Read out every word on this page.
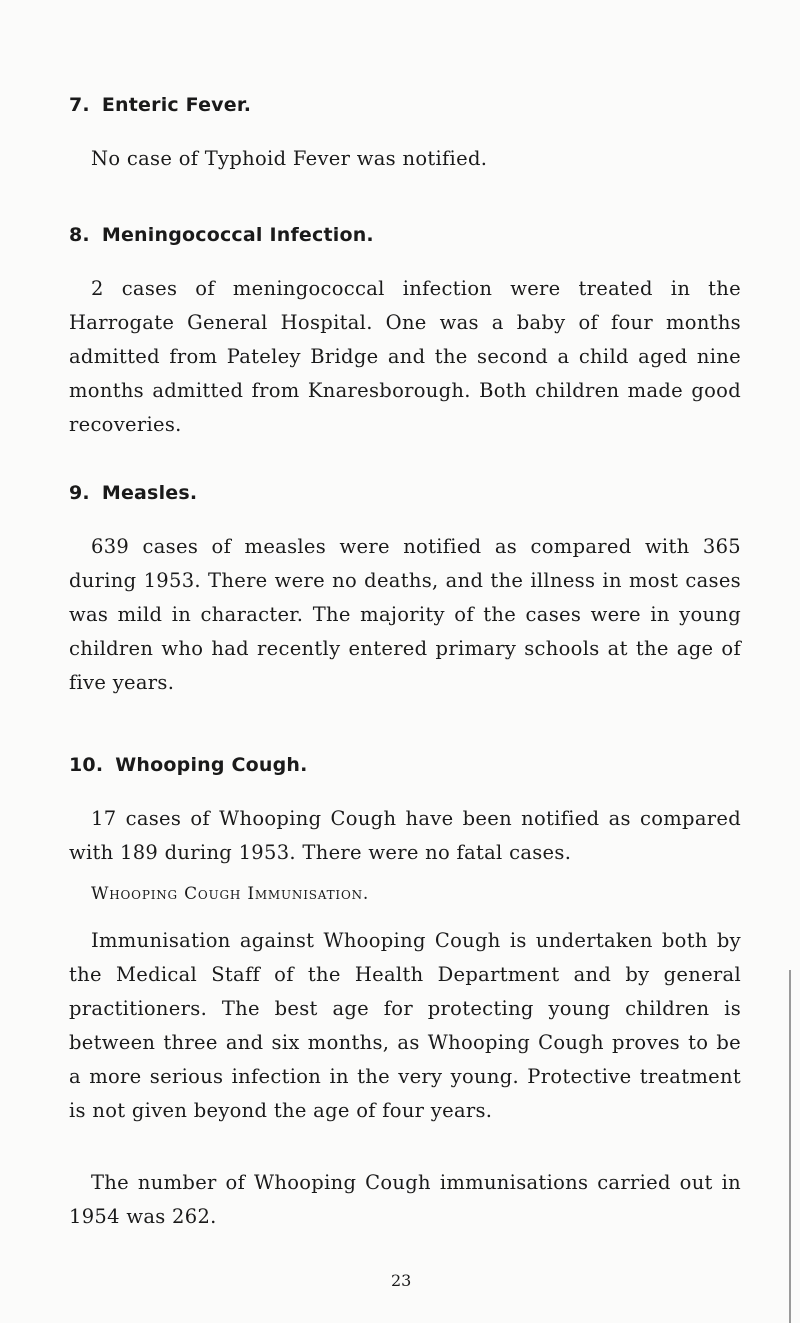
7. Enteric Fever.

No case of Typhoid Fever was notified.

8. Meningococcal Infection.

2 cases of meningococcal infection were treated in the Harrogate General Hospital. One was a baby of four months admitted from Pateley Bridge and the second a child aged nine months admitted from Knaresborough. Both children made good recoveries.

9. Measles.

639 cases of measles were notified as compared with 365 during 1953. There were no deaths, and the illness in most cases was mild in character. The majority of the cases were in young children who had recently entered primary schools at the age of five years.

10. Whooping Cough.

17 cases of Whooping Cough have been notified as compared with 189 during 1953. There were no fatal cases.

Whooping Cough Immunisation.

Immunisation against Whooping Cough is undertaken both by the Medical Staff of the Health Department and by general practitioners. The best age for protecting young children is between three and six months, as Whooping Cough proves to be a more serious infection in the very young. Protective treatment is not given beyond the age of four years.

The number of Whooping Cough immunisations carried out in 1954 was 262.

23
